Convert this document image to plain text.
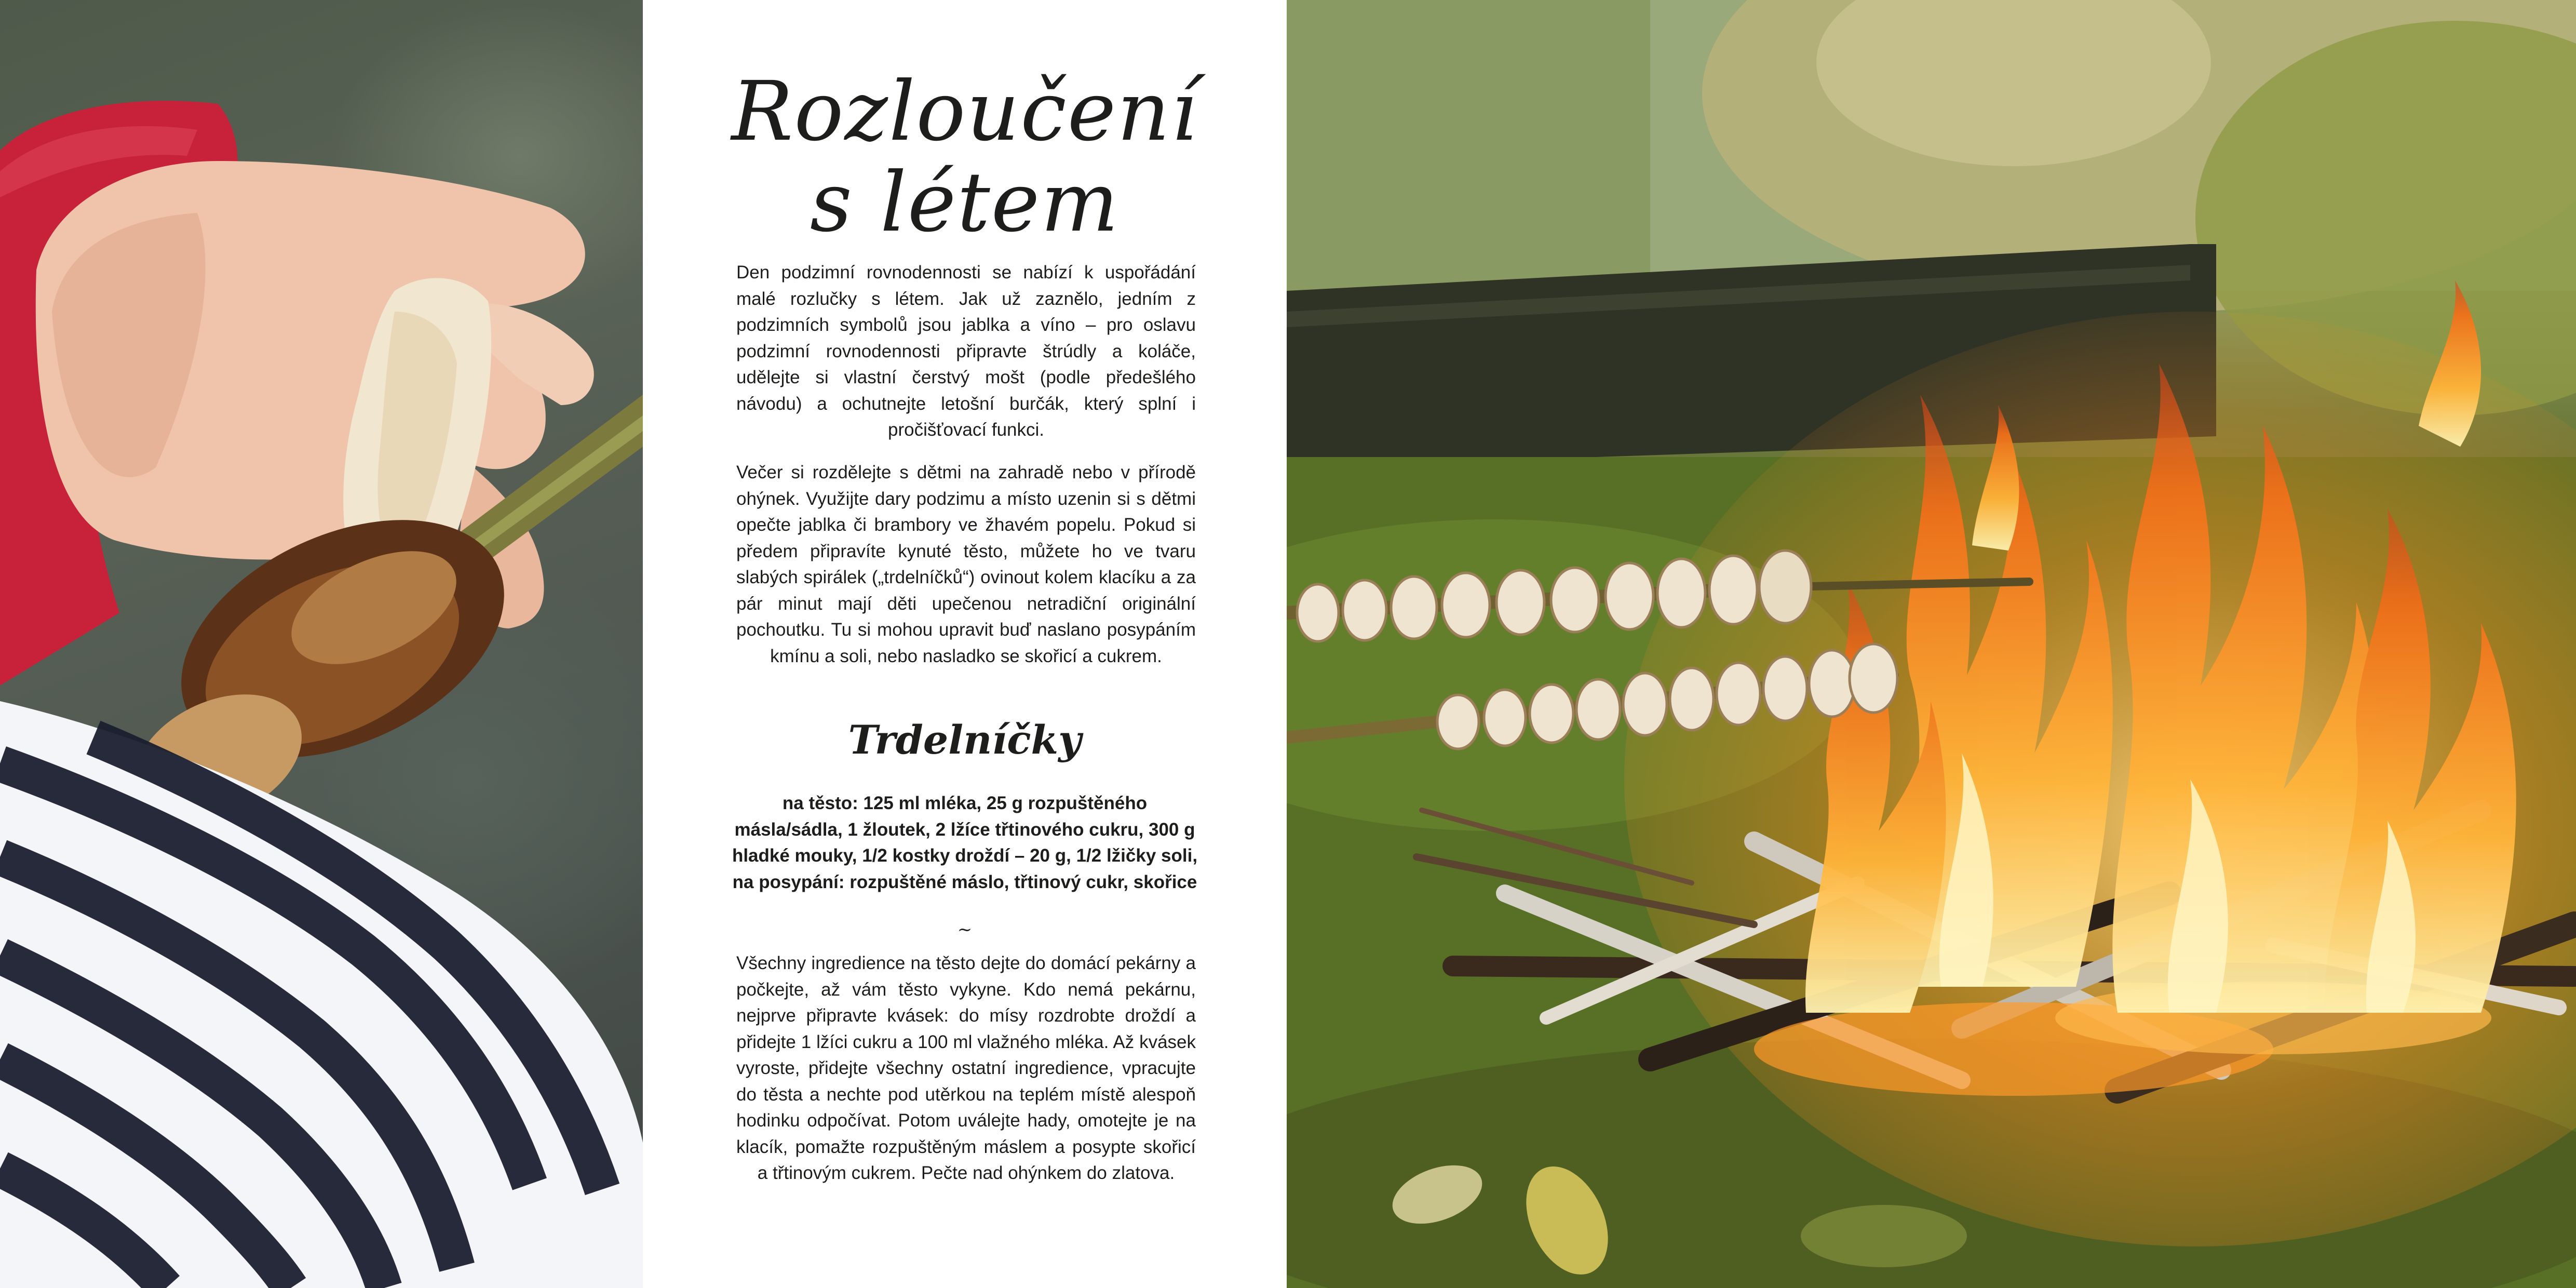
Rozloučení
s létem

Den podzimní rovnodennosti se nabízí k uspořádání malé rozlučky s létem. Jak už zaznělo, jedním z podzimních symbolů jsou jablka a víno – pro oslavu podzimní rovnodennosti připravte štrúdly a koláče, udělejte si vlastní čerstvý mošt (podle předešlého návodu) a ochutnejte letošní burčák, který splní i pročišťovací funkci.

Večer si rozdělejte s dětmi na zahradě nebo v přírodě ohýnek. Využijte dary podzimu a místo uzenin si s dětmi opečte jablka či brambory ve žhavém popelu. Pokud si předem připravíte kynuté těsto, můžete ho ve tvaru slabých spirálek („trdelníčků“) ovinout kolem klacíku a za pár minut mají děti upečenou netradiční originální pochoutku. Tu si mohou upravit buď naslano posypáním kmínu a soli, nebo nasladko se skořicí a cukrem.

Trdelníčky

na těsto: 125 ml mléka, 25 g rozpuštěného másla/sádla, 1 žloutek, 2 lžíce třtinového cukru, 300 g hladké mouky, 1/2 kostky droždí – 20 g, 1/2 lžičky soli, na posypání: rozpuštěné máslo, třtinový cukr, skořice

~

Všechny ingredience na těsto dejte do domácí pekárny a počkejte, až vám těsto vykyne. Kdo nemá pekárnu, nejprve připravte kvásek: do mísy rozdrobte droždí a přidejte 1 lžíci cukru a 100 ml vlažného mléka. Až kvásek vyroste, přidejte všechny ostatní ingredience, vpracujte do těsta a nechte pod utěrkou na teplém místě alespoň hodinku odpočívat. Potom uválejte hady, omotejte je na klacík, pomažte rozpuštěným máslem a posypte skořicí a třtinovým cukrem. Pečte nad ohýnkem do zlatova.
